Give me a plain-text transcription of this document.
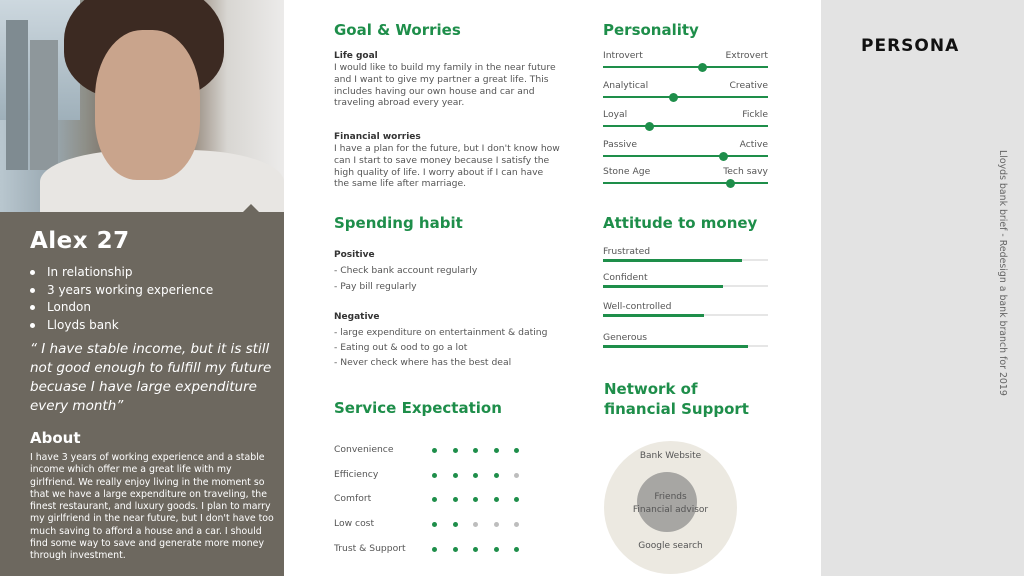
Alex 27
In relationship
3 years working experience
London
Lloyds bank
“ I have stable income, but it is still not good enough to fulfill my future becuase I have large expenditure every month”
About
I have 3 years of working experience and a stable income which offer me a great life with my girlfriend. We really enjoy living in the moment so that we have a large expenditure on traveling, the finest restaurant, and luxury goods. I plan to marry my girlfriend in the near future, but I don't have too much saving to afford a house and a car. I should find some way to save and generate more money through investment.
Goal & Worries
Life goal
I would like to build my family in the near future and I want to give my partner a great life. This includes having our own house and car and traveling abroad every year.
Financial worries
I have a plan for the future, but I don't know how can I start to save money because I satisfy the high quality of life. I worry about if I can have the same life after marriage.
Spending habit
Positive
- Check bank account regularly
- Pay bill regularly
Negative
- large expenditure on entertainment & dating
- Eating out & ood to go a lot
- Never check where has the best deal
Service Expectation
Convenience
Efficiency
Comfort
Low cost
Trust & Support
Personality
Introvert	Extrovert
Analytical	Creative
Loyal	Fickle
Passive	Active
Stone Age	Tech savy
Attitude to money
Frustrated
Confident
Well-controlled
Generous
Network of
financial Support
Bank Website
Friends
Financial advisor
Google search
PERSONA
Lloyds bank brief - Redesign a bank branch for 2019
